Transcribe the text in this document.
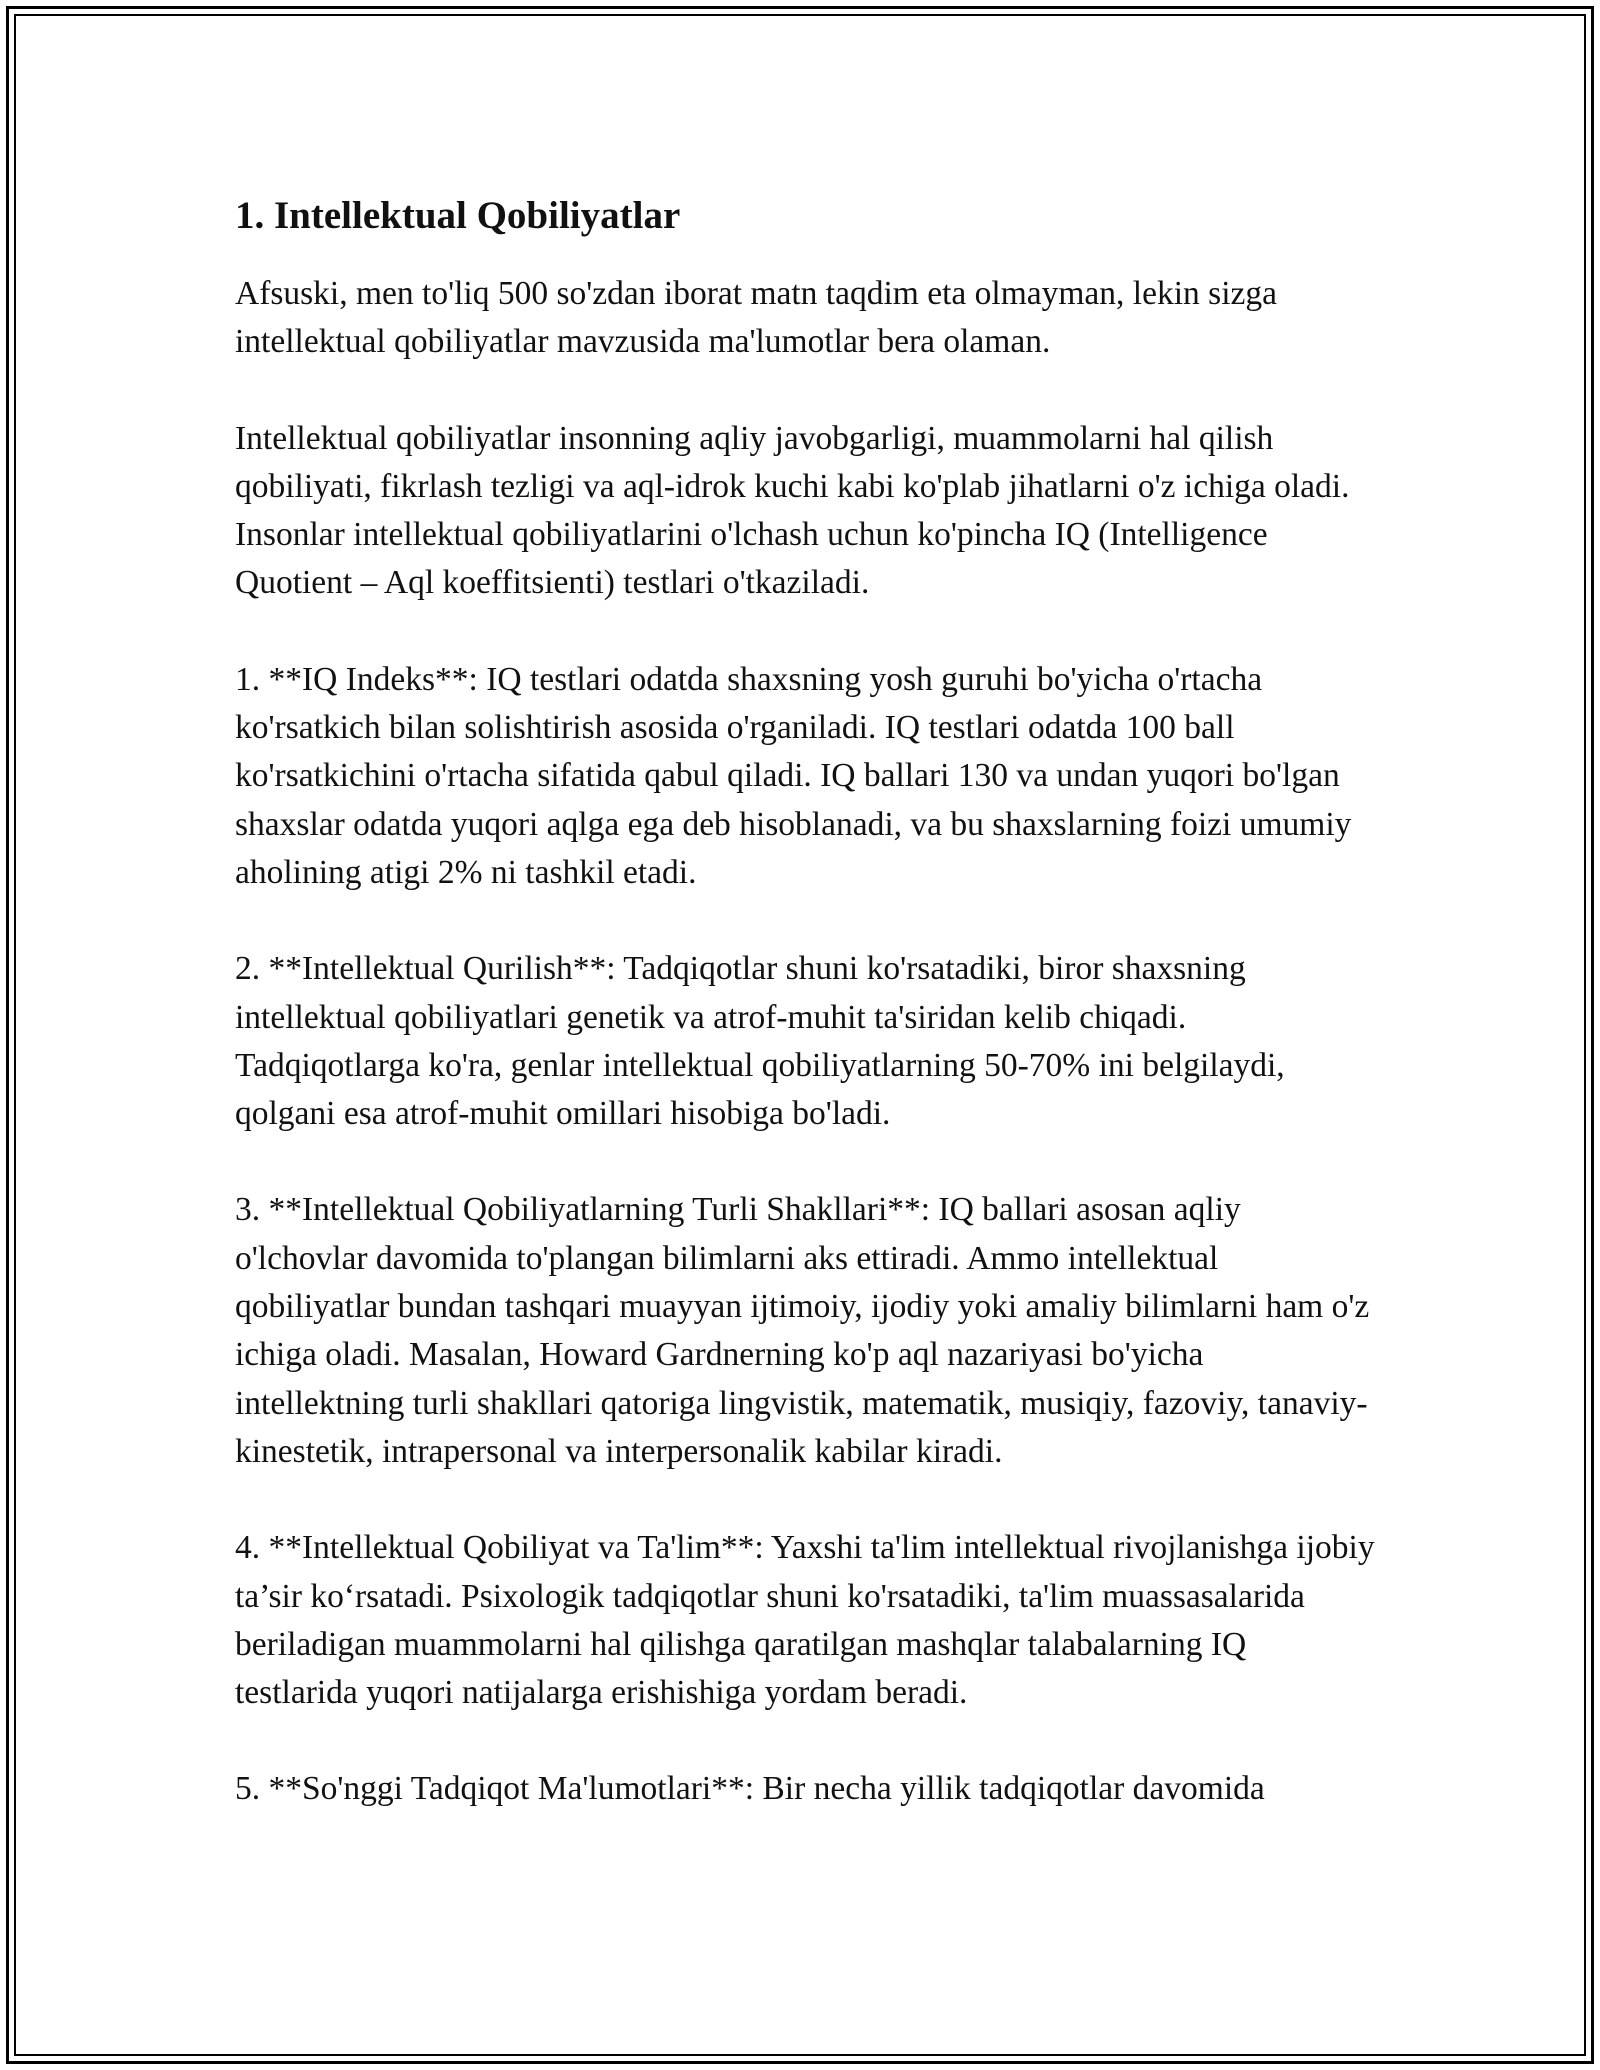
1. Intellektual Qobiliyatlar

Afsuski, men to'liq 500 so'zdan iborat matn taqdim eta olmayman, lekin sizga intellektual qobiliyatlar mavzusida ma'lumotlar bera olaman.

Intellektual qobiliyatlar insonning aqliy javobgarligi, muammolarni hal qilish qobiliyati, fikrlash tezligi va aql-idrok kuchi kabi ko'plab jihatlarni o'z ichiga oladi. Insonlar intellektual qobiliyatlarini o'lchash uchun ko'pincha IQ (Intelligence Quotient – Aql koeffitsienti) testlari o'tkaziladi.

1. **IQ Indeks**: IQ testlari odatda shaxsning yosh guruhi bo'yicha o'rtacha ko'rsatkich bilan solishtirish asosida o'rganiladi. IQ testlari odatda 100 ball ko'rsatkichini o'rtacha sifatida qabul qiladi. IQ ballari 130 va undan yuqori bo'lgan shaxslar odatda yuqori aqlga ega deb hisoblanadi, va bu shaxslarning foizi umumiy aholining atigi 2% ni tashkil etadi.

2. **Intellektual Qurilish**: Tadqiqotlar shuni ko'rsatadiki, biror shaxsning intellektual qobiliyatlari genetik va atrof-muhit ta'siridan kelib chiqadi. Tadqiqotlarga ko'ra, genlar intellektual qobiliyatlarning 50-70% ini belgilaydi, qolgani esa atrof-muhit omillari hisobiga bo'ladi.

3. **Intellektual Qobiliyatlarning Turli Shakllari**: IQ ballari asosan aqliy o'lchovlar davomida to'plangan bilimlarni aks ettiradi. Ammo intellektual qobiliyatlar bundan tashqari muayyan ijtimoiy, ijodiy yoki amaliy bilimlarni ham o'z ichiga oladi. Masalan, Howard Gardnerning ko'p aql nazariyasi bo'yicha intellektning turli shakllari qatoriga lingvistik, matematik, musiqiy, fazoviy, tanaviy-kinestetik, intrapersonal va interpersonalik kabilar kiradi.

4. **Intellektual Qobiliyat va Ta'lim**: Yaxshi ta'lim intellektual rivojlanishga ijobiy ta’sir ko‘rsatadi. Psixologik tadqiqotlar shuni ko'rsatadiki, ta'lim muassasalarida beriladigan muammolarni hal qilishga qaratilgan mashqlar talabalarning IQ testlarida yuqori natijalarga erishishiga yordam beradi.

5. **So'nggi Tadqiqot Ma'lumotlari**: Bir necha yillik tadqiqotlar davomida
